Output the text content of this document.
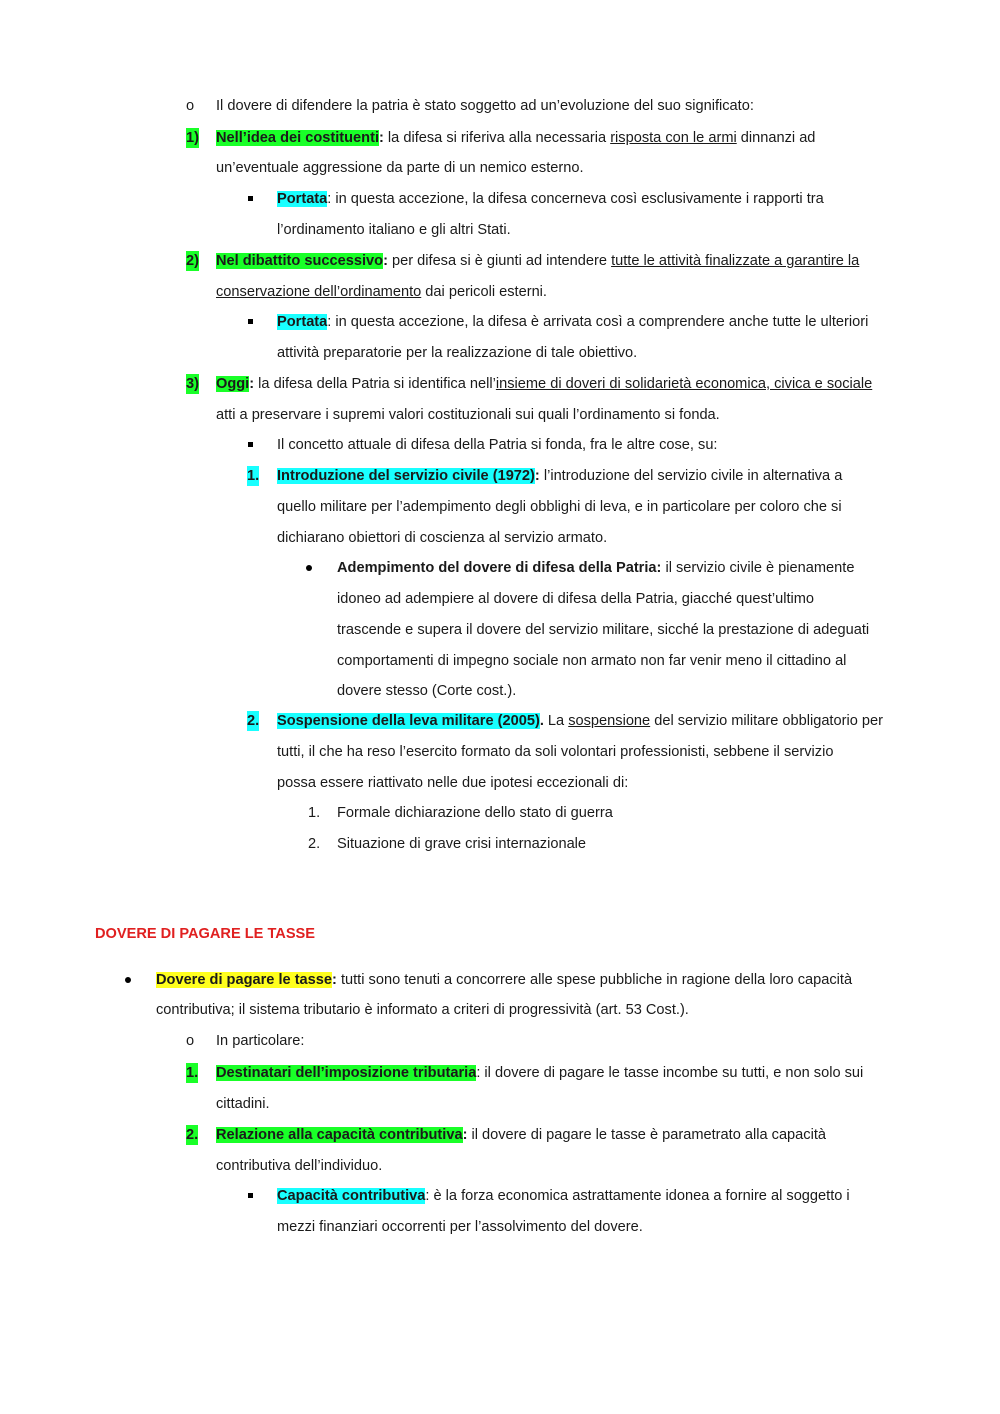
o Il dovere di difendere la patria è stato soggetto ad un’evoluzione del suo significato:
1) Nell’idea dei costituenti: la difesa si riferiva alla necessaria risposta con le armi dinnanzi ad
un’eventuale aggressione da parte di un nemico esterno.
Portata: in questa accezione, la difesa concerneva così esclusivamente i rapporti tra
l’ordinamento italiano e gli altri Stati.
2) Nel dibattito successivo: per difesa si è giunti ad intendere tutte le attività finalizzate a garantire la
conservazione dell’ordinamento dai pericoli esterni.
Portata: in questa accezione, la difesa è arrivata così a comprendere anche tutte le ulteriori
attività preparatorie per la realizzazione di tale obiettivo.
3) Oggi: la difesa della Patria si identifica nell’insieme di doveri di solidarietà economica, civica e sociale
atti a preservare i supremi valori costituzionali sui quali l’ordinamento si fonda.
Il concetto attuale di difesa della Patria si fonda, fra le altre cose, su:
1. Introduzione del servizio civile (1972): l’introduzione del servizio civile in alternativa a
quello militare per l’adempimento degli obblighi di leva, e in particolare per coloro che si
dichiarano obiettori di coscienza al servizio armato.
Adempimento del dovere di difesa della Patria: il servizio civile è pienamente
idoneo ad adempiere al dovere di difesa della Patria, giacché quest’ultimo
trascende e supera il dovere del servizio militare, sicché la prestazione di adeguati
comportamenti di impegno sociale non armato non far venir meno il cittadino al
dovere stesso (Corte cost.).
2. Sospensione della leva militare (2005). La sospensione del servizio militare obbligatorio per
tutti, il che ha reso l’esercito formato da soli volontari professionisti, sebbene il servizio
possa essere riattivato nelle due ipotesi eccezionali di:
1. Formale dichiarazione dello stato di guerra
2. Situazione di grave crisi internazionale
DOVERE DI PAGARE LE TASSE
Dovere di pagare le tasse: tutti sono tenuti a concorrere alle spese pubbliche in ragione della loro capacità
contributiva; il sistema tributario è informato a criteri di progressività (art. 53 Cost.).
o In particolare:
1. Destinatari dell’imposizione tributaria: il dovere di pagare le tasse incombe su tutti, e non solo sui
cittadini.
2. Relazione alla capacità contributiva: il dovere di pagare le tasse è parametrato alla capacità
contributiva dell’individuo.
Capacità contributiva: è la forza economica astrattamente idonea a fornire al soggetto i
mezzi finanziari occorrenti per l’assolvimento del dovere.
